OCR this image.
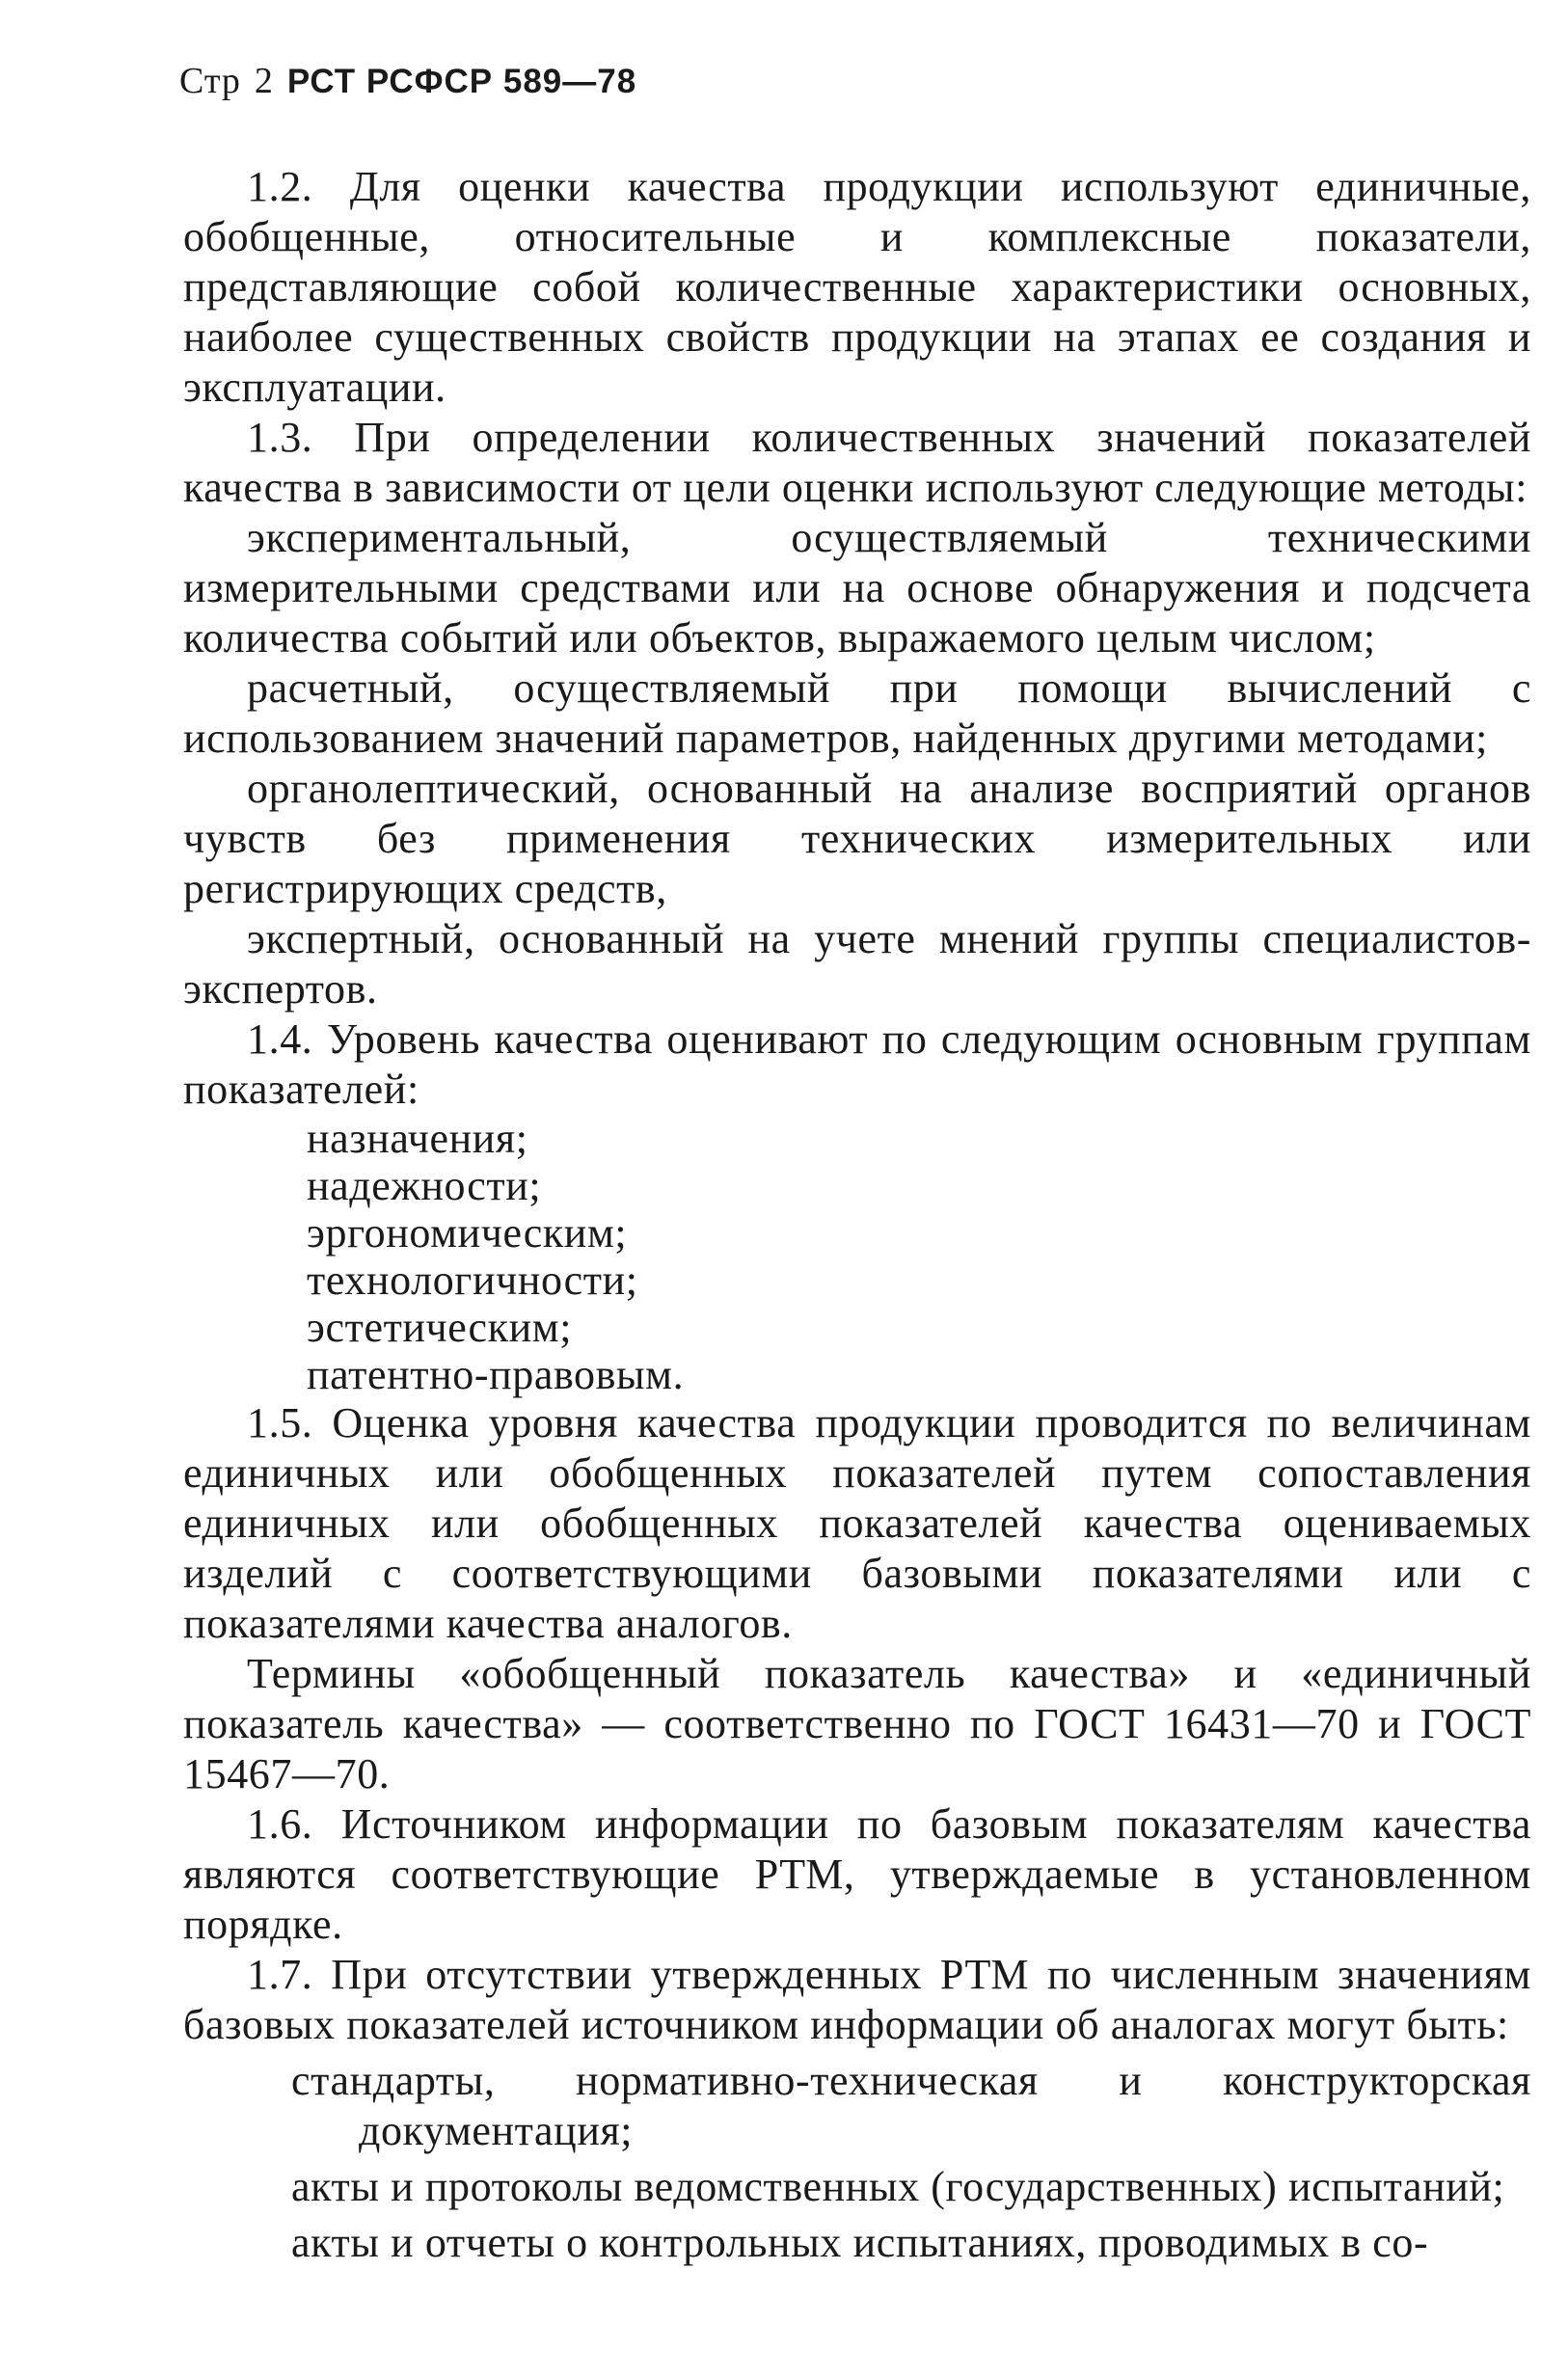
Стр 2 РСТ РСФСР 589—78

1.2. Для оценки качества продукции используют единичные, обобщенные, относительные и комплексные показатели, представляющие собой количественные характеристики основных, наиболее существенных свойств продукции на этапах ее создания и эксплуатации.

1.3. При определении количественных значений показателей качества в зависимости от цели оценки используют следующие методы:

экспериментальный, осуществляемый техническими измерительными средствами или на основе обнаружения и подсчета количества событий или объектов, выражаемого целым числом;

расчетный, осуществляемый при помощи вычислений с использованием значений параметров, найденных другими методами;

органолептический, основанный на анализе восприятий органов чувств без применения технических измерительных или регистрирующих средств,

экспертный, основанный на учете мнений группы специалистов-экспертов.

1.4. Уровень качества оценивают по следующим основным группам показателей:

назначения;
надежности;
эргономическим;
технологичности;
эстетическим;
патентно-правовым.

1.5. Оценка уровня качества продукции проводится по величинам единичных или обобщенных показателей путем сопоставления единичных или обобщенных показателей качества оцениваемых изделий с соответствующими базовыми показателями или с показателями качества аналогов.

Термины «обобщенный показатель качества» и «единичный показатель качества» — соответственно по ГОСТ 16431—70 и ГОСТ 15467—70.

1.6. Источником информации по базовым показателям качества являются соответствующие РТМ, утверждаемые в установленном порядке.

1.7. При отсутствии утвержденных РТМ по численным значениям базовых показателей источником информации об аналогах могут быть:

стандарты, нормативно-техническая и конструкторская документация;
акты и протоколы ведомственных (государственных) испытаний;
акты и отчеты о контрольных испытаниях, проводимых в со-
